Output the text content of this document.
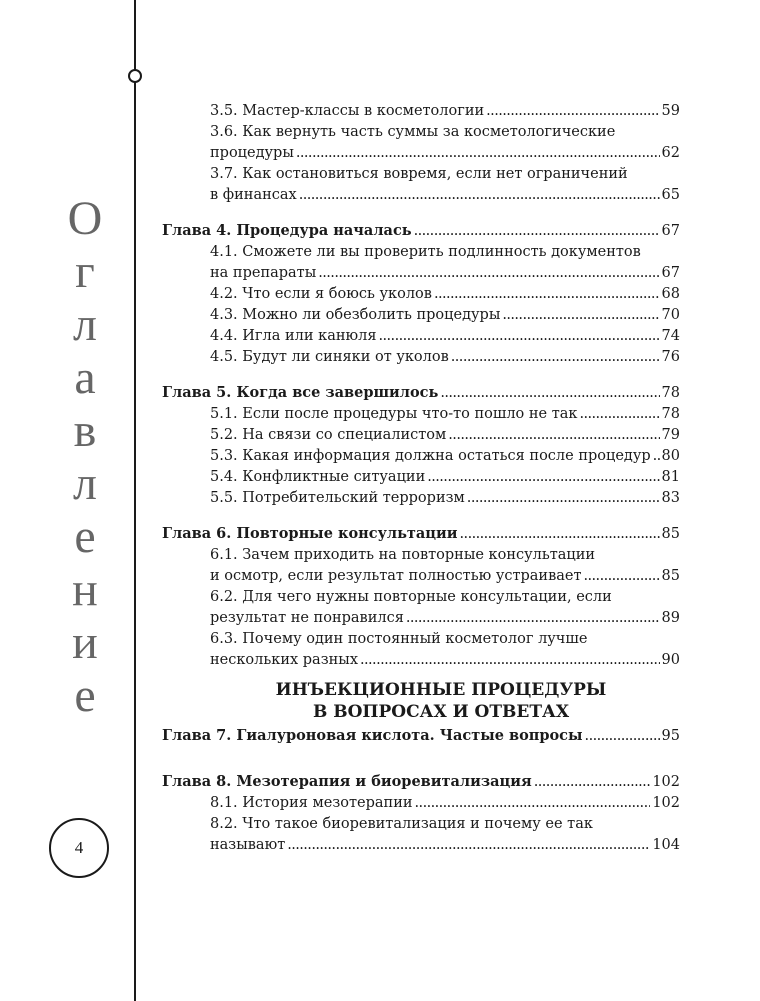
О
г
л
а
в
л
е
н
и
е
4
3.5. Мастер-классы в косметологии . . .	59
3.6. Как вернуть часть суммы за косметологические
процедуры . . .	62
3.7. Как остановиться вовремя, если нет ограничений
в финансах . . .	65
Глава 4. Процедура началась . . .	67
4.1. Сможете ли вы проверить подлинность документов
на препараты . . .	67
4.2. Что если я боюсь уколов . . .	68
4.3. Можно ли обезболить процедуры . . .	70
4.4. Игла или канюля . . .	74
4.5. Будут ли синяки от уколов . . .	76
Глава 5. Когда все завершилось . . .	78
5.1. Если после процедуры что-то пошло не так . . .	78
5.2. На связи со специалистом . . .	79
5.3. Какая информация должна остаться после процедур . . . 80
5.4. Конфликтные ситуации . . .	81
5.5. Потребительский терроризм . . .	83
Глава 6. Повторные консультации . . .	85
6.1. Зачем приходить на повторные консультации
и осмотр, если результат полностью устраивает . . .	85
6.2. Для чего нужны повторные консультации, если
результат не понравился . . .	89
6.3. Почему один постоянный косметолог лучше
нескольких разных . . .	90
ИНЪЕКЦИОННЫЕ ПРОЦЕДУРЫ
В ВОПРОСАХ И ОТВЕТАХ
Глава 7. Гиалуроновая кислота. Частые вопросы . . .	95
Глава 8. Мезотерапия и биоревитализация . . .	102
8.1. История мезотерапии . . .	102
8.2. Что такое биоревитализация и почему ее так
называют . . .	104
